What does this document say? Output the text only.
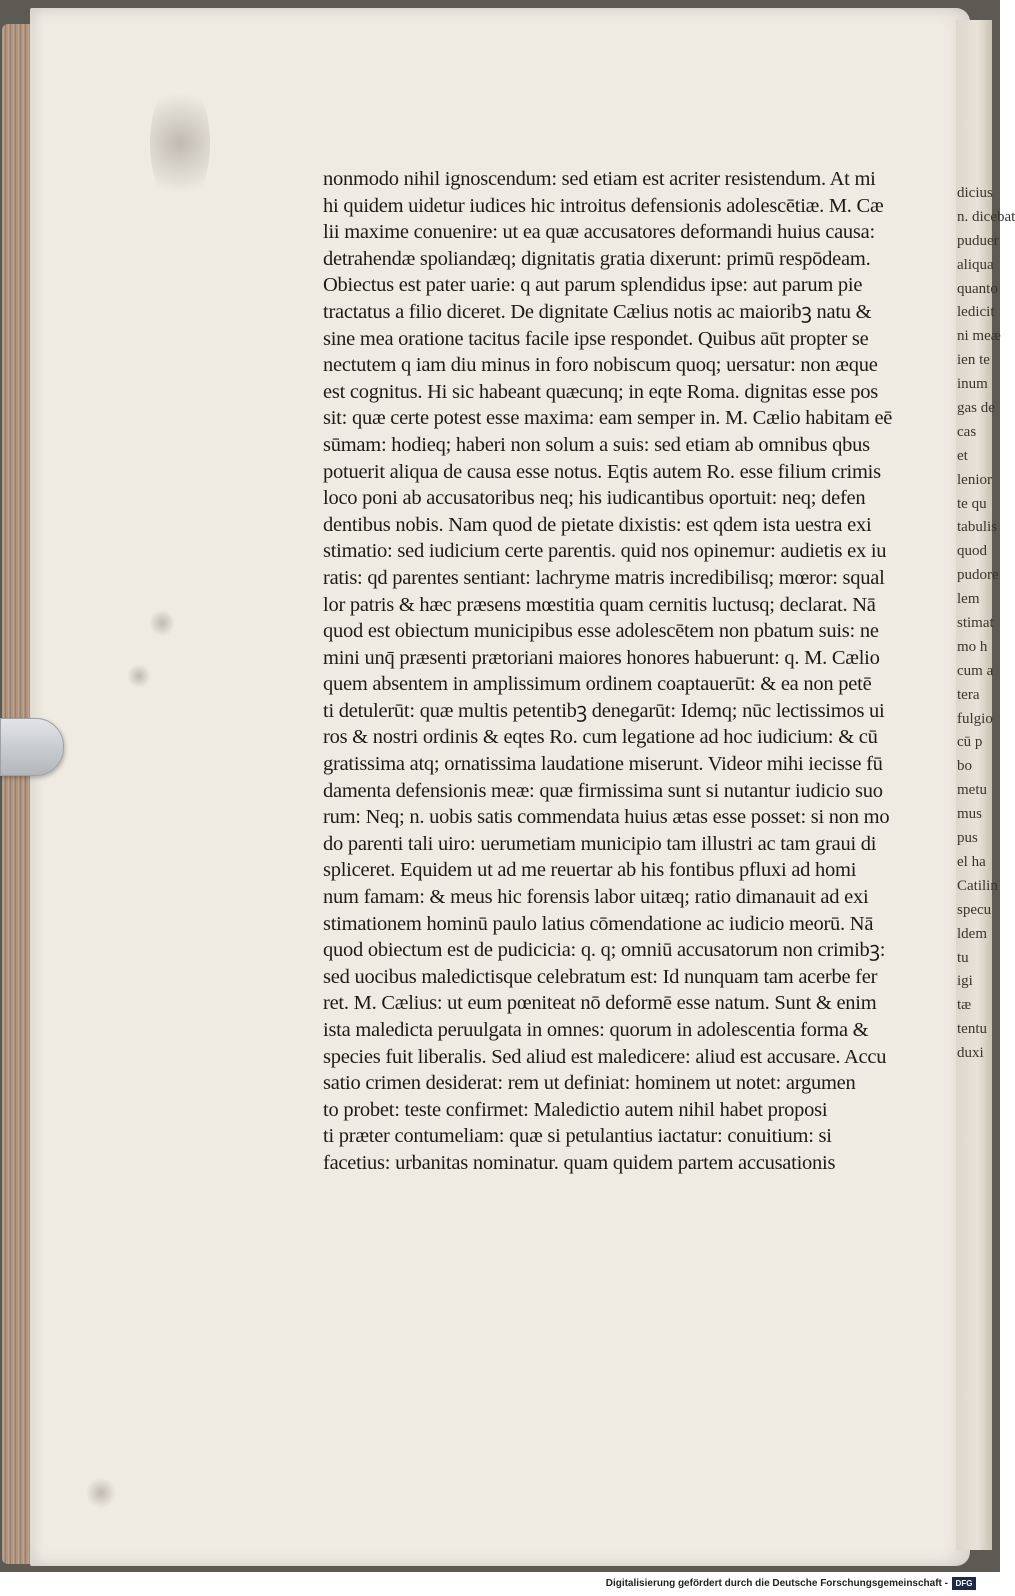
nonmodo nihil ignoscendum: sed etiam est acriter resistendum. At mi
hi quidem uidetur iudices hic introitus defensionis adolescētiæ. M. Cæ
lii maxime conuenire: ut ea quæ accusatores deformandi huius causa:
detrahendæ spoliandæq; dignitatis gratia dixerunt: primū respōdeam.
Obiectus est pater uarie: q aut parum splendidus ipse: aut parum pie
tractatus a filio diceret. De dignitate Cælius notis ac maioribꝫ natu &
sine mea oratione tacitus facile ipse respondet. Quibus aūt propter se
nectutem q iam diu minus in foro nobiscum quoq; uersatur: non æque
est cognitus. Hi sic habeant quæcunq; in eqte Roma. dignitas esse pos
sit: quæ certe potest esse maxima: eam semper in. M. Cælio habitam eē
sūmam: hodieq; haberi non solum a suis: sed etiam ab omnibus qbus
potuerit aliqua de causa esse notus. Eqtis autem Ro. esse filium crimis
loco poni ab accusatoribus neq; his iudicantibus oportuit: neq; defen
dentibus nobis. Nam quod de pietate dixistis: est qdem ista uestra exi
stimatio: sed iudicium certe parentis. quid nos opinemur: audietis ex iu
ratis: qd parentes sentiant: lachryme matris incredibilisq; mœror: squal
lor patris & hæc præsens mœstitia quam cernitis luctusq; declarat. Nā
quod est obiectum municipibus esse adolescētem non pbatum suis: ne
mini unq̄ præsenti prætoriani maiores honores habuerunt: q. M. Cælio
quem absentem in amplissimum ordinem coaptauerūt: & ea non petē
ti detulerūt: quæ multis petentibꝫ denegarūt: Idemq; nūc lectissimos ui
ros & nostri ordinis & eqtes Ro. cum legatione ad hoc iudicium: & cū
gratissima atq; ornatissima laudatione miserunt. Videor mihi iecisse fū
damenta defensionis meæ: quæ firmissima sunt si nutantur iudicio suo
rum: Neq; n. uobis satis commendata huius ætas esse posset: si non mo
do parenti tali uiro: uerumetiam municipio tam illustri ac tam graui di
spliceret. Equidem ut ad me reuertar ab his fontibus pfluxi ad homi
num famam: & meus hic forensis labor uitæq; ratio dimanauit ad exi
stimationem hominū paulo latius cōmendatione ac iudicio meorū. Nā
quod obiectum est de pudicicia: q. q; omniū accusatorum non crimibꝫ:
sed uocibus maledictisque celebratum est: Id nunquam tam acerbe fer
ret. M. Cælius: ut eum pœniteat nō deformē esse natum. Sunt & enim
ista maledicta peruulgata in omnes: quorum in adolescentia forma &
species fuit liberalis. Sed aliud est maledicere: aliud est accusare. Accu
satio crimen desiderat: rem ut definiat: hominem ut notet: argumen
to probet: teste confirmet: Maledictio autem nihil habet proposi
ti præter contumeliam: quæ si petulantius iactatur: conuitium: si
facetius: urbanitas nominatur. quam quidem partem accusationis
dicius
n. dicebat
puduer
aliqua
quanto
ledicit
ni meæ
ien te
inum
gas de
cas
et
lenior
te qu
tabulis
quod
pudore
lem
stimat
mo h
cum a
tera
fulgio
cū p
bo
metu
mus
pus
el ha
Catilin
specu
ldem
tu
igi
tæ
tentu
duxi
Digitalisierung gefördert durch die Deutsche Forschungsgemeinschaft - DFG
